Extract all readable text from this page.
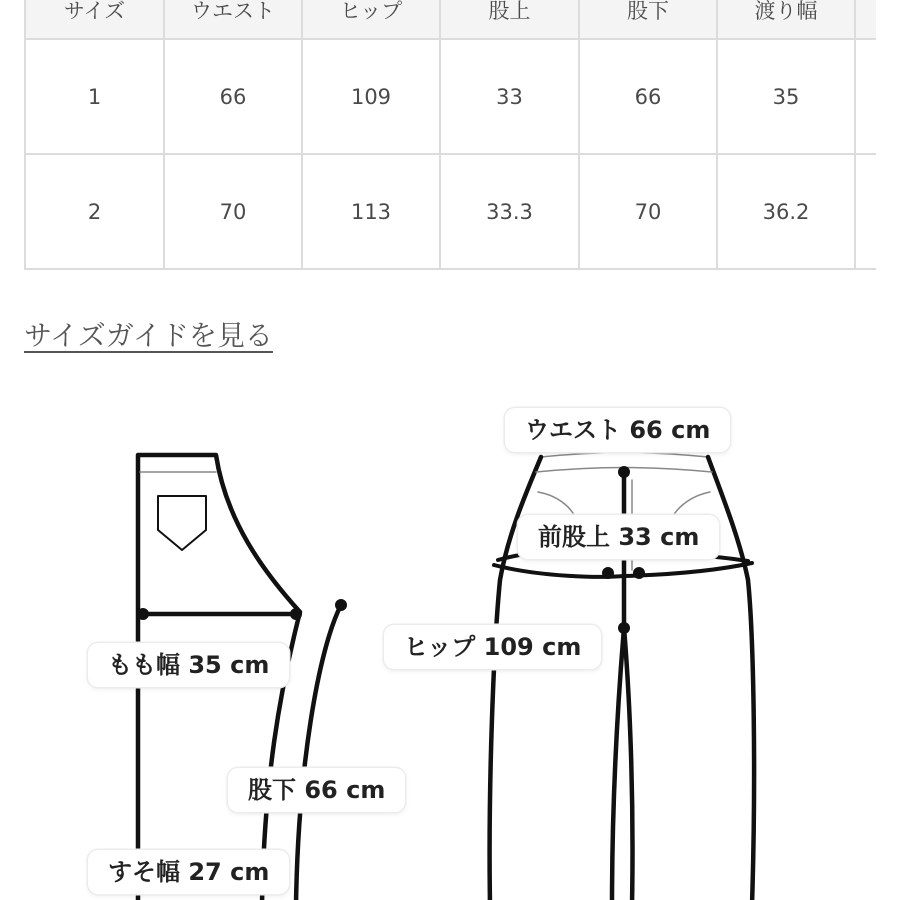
サイズ	ウエスト	ヒップ	股上	股下	渡り幅	
1	66	109	33	66	35	
2	70	113	33.3	70	36.2	
サイズガイドを見る
ウエスト 66 cm
前股上 33 cm
ヒップ 109 cm
もも幅 35 cm
股下 66 cm
すそ幅 27 cm
